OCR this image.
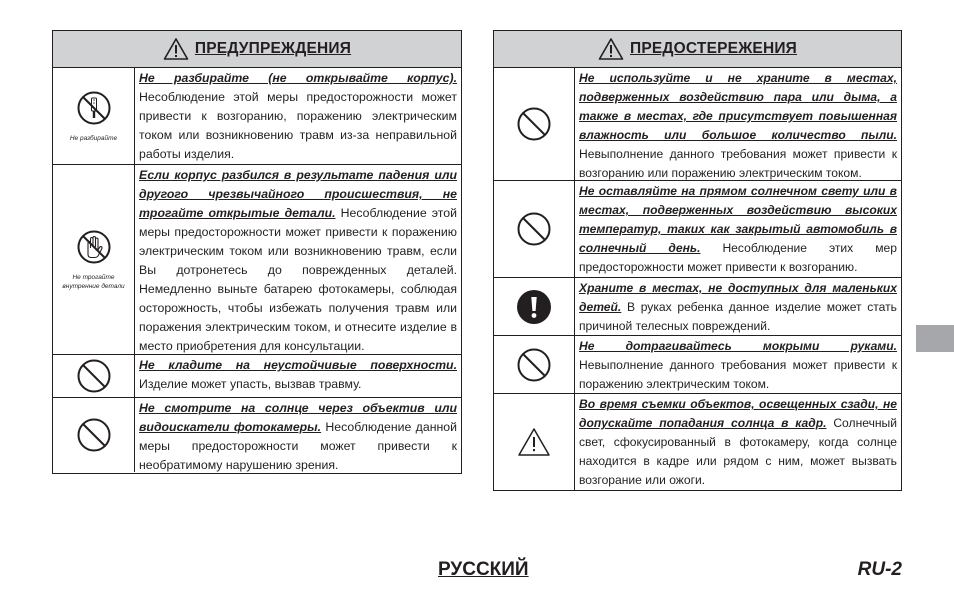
ПРЕДУПРЕЖДЕНИЯ
Не разбирайте
Не разбирайте (не открывайте корпус). Несоблюдение этой меры предосторожности может привести к возгоранию, поражению электрическим током или возникновению травм из-за неправильной работы изделия.
Не трогайте внутренние детали
Если корпус разбился в результате падения или другого чрезвычайного происшествия, не трогайте открытые детали. Несоблюдение этой меры предосторожности может привести к поражению электрическим током или возникновению травм, если Вы дотронетесь до поврежденных деталей. Немедленно выньте батарею фотокамеры, соблюдая осторожность, чтобы избежать получения травм или поражения электрическим током, и отнесите изделие в место приобретения для консультации.
Не кладите на неустойчивые поверхности. Изделие может упасть, вызвав травму.
Не смотрите на солнце через объектив или видоискатели фотокамеры. Несоблюдение данной меры предосторожности может привести к необратимому нарушению зрения.
ПРЕДОСТЕРЕЖЕНИЯ
Не используйте и не храните в местах, подверженных воздействию пара или дыма, а также в местах, где присутствует повышенная влажность или большое количество пыли. Невыполнение данного требования может привести к возгоранию или поражению электрическим током.
Не оставляйте на прямом солнечном свету или в местах, подверженных воздействию высоких температур, таких как закрытый автомобиль в солнечный день. Несоблюдение этих мер предосторожности может привести к возгоранию.
Храните в местах, не доступных для маленьких детей. В руках ребенка данное изделие может стать причиной телесных повреждений.
Не дотрагивайтесь мокрыми руками. Невыполнение данного требования может привести к поражению электрическим током.
Во время съемки объектов, освещенных сзади, не допускайте попадания солнца в кадр. Солнечный свет, сфокусированный в фотокамеру, когда солнце находится в кадре или рядом с ним, может вызвать возгорание или ожоги.
РУССКИЙ	RU-2
